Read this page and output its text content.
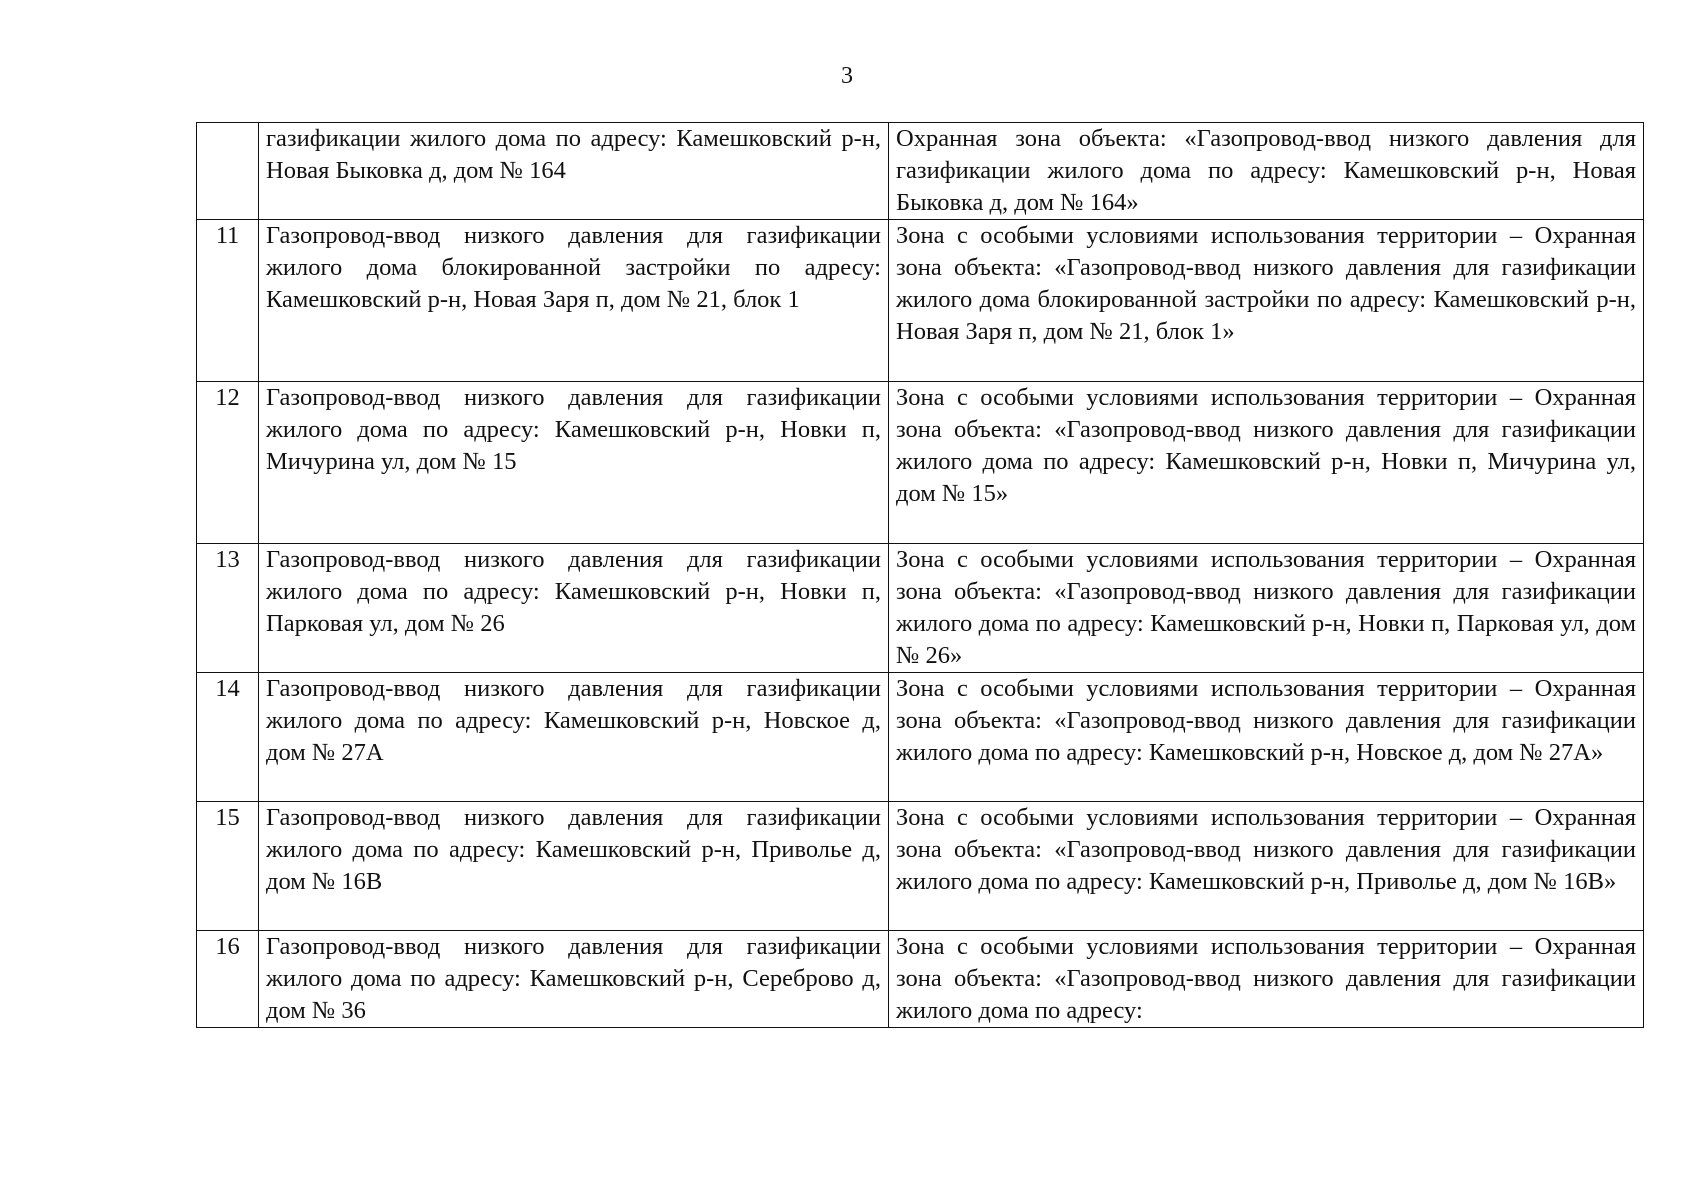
3
	газификации жилого дома по адресу: Камешковский р-н, Новая Быковка д, дом № 164	Охранная зона объекта: «Газопровод-ввод низкого давления для газификации жилого дома по адресу: Камешковский р-н, Новая Быковка д, дом № 164»
11	Газопровод-ввод низкого давления для газификации жилого дома блокированной застройки по адресу: Камешковский р-н, Новая Заря п, дом № 21, блок 1	Зона с особыми условиями использования территории – Охранная зона объекта: «Газопровод-ввод низкого давления для газификации жилого дома блокированной застройки по адресу: Камешковский р-н, Новая Заря п, дом № 21, блок 1»
12	Газопровод-ввод низкого давления для газификации жилого дома по адресу: Камешковский р-н, Новки п, Мичурина ул, дом № 15	Зона с особыми условиями использования территории – Охранная зона объекта: «Газопровод-ввод низкого давления для газификации жилого дома по адресу: Камешковский р-н, Новки п, Мичурина ул, дом № 15»
13	Газопровод-ввод низкого давления для газификации жилого дома по адресу: Камешковский р-н, Новки п, Парковая ул, дом № 26	Зона с особыми условиями использования территории – Охранная зона объекта: «Газопровод-ввод низкого давления для газификации жилого дома по адресу: Камешковский р-н, Новки п, Парковая ул, дом № 26»
14	Газопровод-ввод низкого давления для газификации жилого дома по адресу: Камешковский р-н, Новское д, дом № 27А	Зона с особыми условиями использования территории – Охранная зона объекта: «Газопровод-ввод низкого давления для газификации жилого дома по адресу: Камешковский р-н, Новское д, дом № 27А»
15	Газопровод-ввод низкого давления для газификации жилого дома по адресу: Камешковский р-н, Приволье д, дом № 16В	Зона с особыми условиями использования территории – Охранная зона объекта: «Газопровод-ввод низкого давления для газификации жилого дома по адресу: Камешковский р-н, Приволье д, дом № 16В»
16	Газопровод-ввод низкого давления для газификации жилого дома по адресу: Камешковский р-н, Сереброво д, дом № 36	Зона с особыми условиями использования территории – Охранная зона объекта: «Газопровод-ввод низкого давления для газификации жилого дома по адресу:
